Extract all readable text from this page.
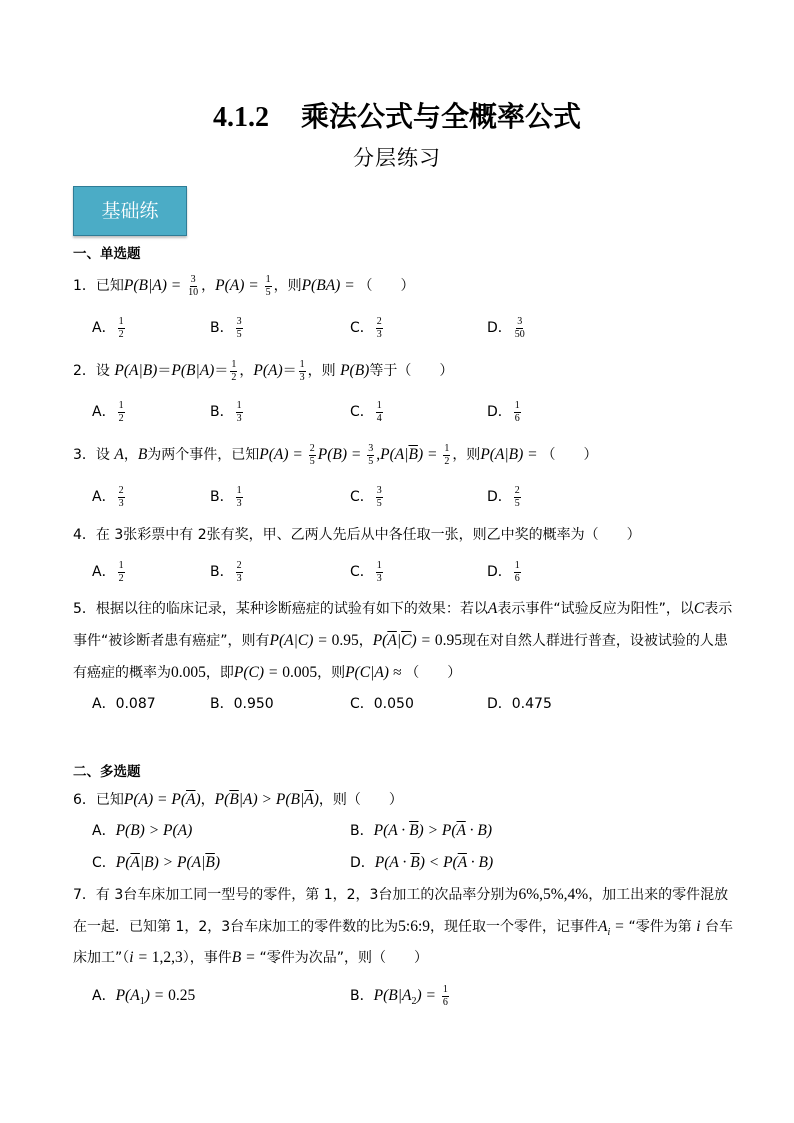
4.1.2 乘法公式与全概率公式
分层练习
基础练
一、单选题
1．已知$P(B|A) = \frac{3}{10}$ ，$P(A) = \frac{1}{5}$ ，则P(BA) = （　　）
A． $\frac{1}{2}$	B． $\frac{3}{5}$	C． $\frac{2}{3}$	D． $\frac{3}{50}$
2．设 $P(A|B)=P(B|A)= \frac{1}{2}$ ，$P(A)= \frac{1}{3}$ ，则 P(B)等于（　　）
A． $\frac{1}{2}$	B． $\frac{1}{3}$	C． $\frac{1}{4}$	D． $\frac{1}{6}$
3．设 A，B为两个事件，已知$P(A) = \frac{2}{5} P(B) = \frac{3}{5} ,P(A|\overline{B}) = \frac{1}{2}$ ，则P(A|B) = （　　）
A． $\frac{2}{3}$	B． $\frac{1}{3}$	C． $\frac{3}{5}$	D． $\frac{2}{5}$
4．在 3张彩票中有 2张有奖，甲、乙两人先后从中各任取一张，则乙中奖的概率为（　　）
A． $\frac{1}{2}$	B． $\frac{2}{3}$	C． $\frac{1}{3}$	D． $\frac{1}{6}$
5．根据以往的临床记录，某种诊断癌症的试验有如下的效果：若以A表示事件“试验反应为阳性”，以C表示
事件“被诊断者患有癌症”，则有P(A|C) = 0.95，$P(\overline{A}|\overline{C}) = 0.95$现在对自然人群进行普查，设被试验的人患
有癌症的概率为0.005，即P(C) = 0.005，则P(C|A) ≈ （　　）
A．0.087	B．0.950	C．0.050	D．0.475
二、多选题
6．已知$P(A) = P(\overline{A})$，$P(\overline{B}|A) > P(B|\overline{A})$，则（　　）
A．P(B) > P(A)	B．$P(A \cdot \overline{B}) > P(\overline{A} \cdot B)$
C．$P(\overline{A}|B) > P(A|\overline{B})$	D．$P(A \cdot \overline{B}) < P(\overline{A} \cdot B)$
7．有 3台车床加工同一型号的零件，第 1，2，3台加工的次品率分别为6%,5%,4%，加工出来的零件混放
在一起．已知第 1，2，3台车床加工的零件数的比为5:6:9，现任取一个零件，记事件$A_i$ = “零件为第 i 台车
床加工”（i = 1,2,3），事件B = “零件为次品”，则（　　）
A．$P(A_1) = 0.25$	B．$P(B|A_2) = \frac{1}{6}$
